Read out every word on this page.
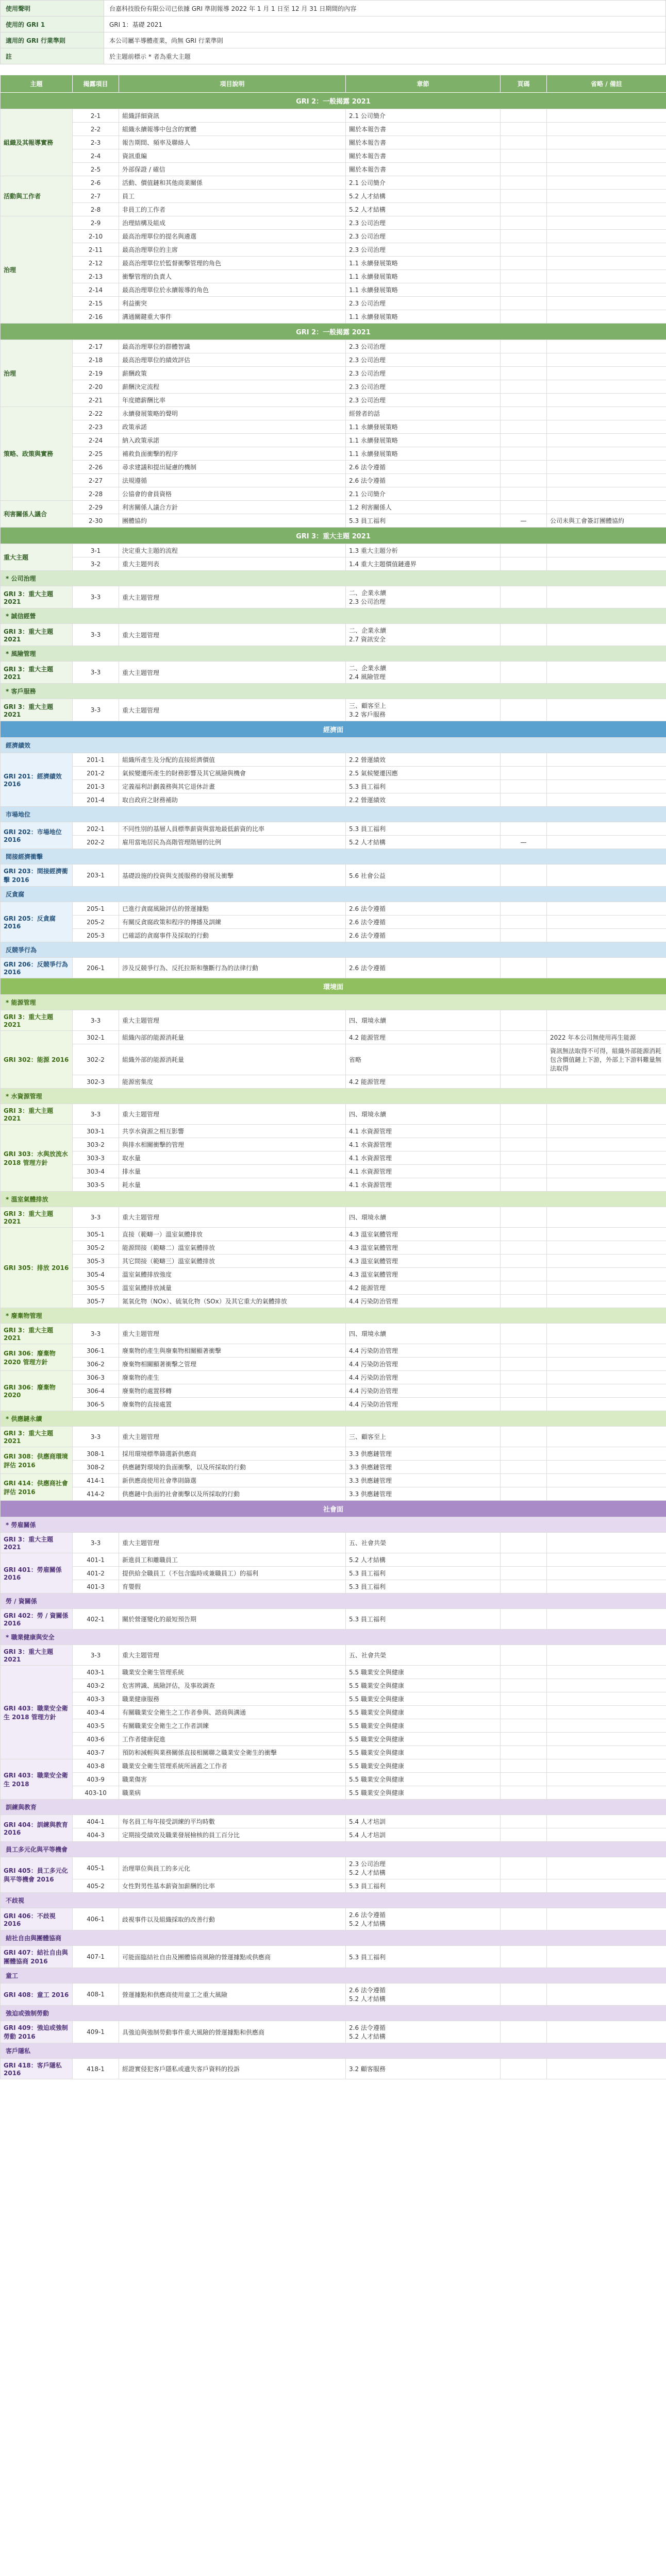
使用聲明	台嘉科技股份有限公司已依據 GRI 準則報導 2022 年 1 月 1 日至 12 月 31 日期間的內容
使用的 GRI 1	GRI 1：基礎 2021
適用的 GRI 行業準則	本公司屬半導體產業，尚無 GRI 行業準則
註	於主題前標示 * 者為重大主題
主題	揭露項目	項目說明	章節	頁碼	省略 / 備註
GRI 2：一般揭露 2021					
組織及其報導實務	2-1	組織詳細資訊	2.1 公司簡介		
	2-2	組織永續報導中包含的實體	關於本報告書		
	2-3	報告期間、頻率及聯絡人	關於本報告書		
	2-4	資訊重編	關於本報告書		
	2-5	外部保證 / 確信	關於本報告書		
活動與工作者	2-6	活動、價值鏈和其他商業關係	2.1 公司簡介		
	2-7	員工	5.2 人才結構		
	2-8	非員工的工作者	5.2 人才結構		
治理	2-9	治理結構及組成	2.3 公司治理		
	2-10	最高治理單位的提名與遴選	2.3 公司治理		
	2-11	最高治理單位的主席	2.3 公司治理		
	2-12	最高治理單位於監督衝擊管理的角色	1.1 永續發展策略		
	2-13	衝擊管理的負責人	1.1 永續發展策略		
	2-14	最高治理單位於永續報導的角色	1.1 永續發展策略		
	2-15	利益衝突	2.3 公司治理		
	2-16	溝通關鍵重大事件	1.1 永續發展策略		
GRI 2：一般揭露 2021					
治理	2-17	最高治理單位的群體智識	2.3 公司治理		
	2-18	最高治理單位的績效評估	2.3 公司治理		
	2-19	薪酬政策	2.3 公司治理		
	2-20	薪酬決定流程	2.3 公司治理		
	2-21	年度總薪酬比率	2.3 公司治理		
策略、政策與實務	2-22	永續發展策略的聲明	經營者的話		
	2-23	政策承諾	1.1 永續發展策略		
	2-24	納入政策承諾	1.1 永續發展策略		
	2-25	補救負面衝擊的程序	1.1 永續發展策略		
	2-26	尋求建議和提出疑慮的機制	2.6 法令遵循		
	2-27	法規遵循	2.6 法令遵循		
	2-28	公協會的會員資格	2.1 公司簡介		
利害關係人議合	2-29	利害關係人議合方針	1.2 利害關係人		
	2-30	團體協約	5.3 員工福利	—	公司未與工會簽訂團體協約
GRI 3：重大主題 2021					
重大主題	3-1	決定重大主題的流程	1.3 重大主題分析		
	3-2	重大主題列表	1.4 重大主題價值鏈邊界		
* 公司治理					
GRI 3：重大主題 2021	3-3	重大主題管理	二、企業永續
2.3 公司治理		
* 誠信經營					
GRI 3：重大主題 2021	3-3	重大主題管理	二、企業永續
2.7 資訊安全		
* 風險管理					
GRI 3：重大主題 2021	3-3	重大主題管理	二、企業永續
2.4 風險管理		
* 客戶服務					
GRI 3：重大主題 2021	3-3	重大主題管理	三、顧客至上
3.2 客戶服務		
經濟面					
經濟績效					
GRI 201：經濟績效 2016	201-1	組織所產生及分配的直接經濟價值	2.2 營運績效		
	201-2	氣候變遷所產生的財務影響及其它風險與機會	2.5 氣候變遷因應		
	201-3	定義福利計劃義務與其它退休計畫	5.3 員工福利		
	201-4	取自政府之財務補助	2.2 營運績效		
市場地位					
GRI 202：市場地位 2016	202-1	不同性別的基層人員標準薪資與當地最低薪資的比率	5.3 員工福利		
	202-2	雇用當地居民為高階管理階層的比例	5.2 人才結構	—	
間接經濟衝擊					
GRI 203：間接經濟衝擊 2016	203-1	基礎設施的投資與支援服務的發展及衝擊	5.6 社會公益		
反貪腐					
GRI 205：反貪腐 2016	205-1	已進行貪腐風險評估的營運據點	2.6 法令遵循		
	205-2	有關反貪腐政策和程序的傳播及訓練	2.6 法令遵循		
	205-3	已確認的貪腐事件及採取的行動	2.6 法令遵循		
反競爭行為					
GRI 206：反競爭行為 2016	206-1	涉及反競爭行為、反托拉斯和壟斷行為的法律行動	2.6 法令遵循		
環境面					
* 能源管理					
GRI 3：重大主題 2021	3-3	重大主題管理	四、環境永續		
GRI 302：能源 2016	302-1	組織內部的能源消耗量	4.2 能源管理		2022 年本公司無使用再生能源
	302-2	組織外部的能源消耗量	省略		資訊無法取得不可得，組織外部能源消耗包含價值鏈上下游，外部上下游料難量無法取得
	302-3	能源密集度	4.2 能源管理		
* 水資源管理					
GRI 3：重大主題 2021	3-3	重大主題管理	四、環境永續		
GRI 303：水與放流水 2018 管理方針	303-1	共享水資源之相互影響	4.1 水資源管理		
	303-2	與排水相關衝擊的管理	4.1 水資源管理		
	303-3	取水量	4.1 水資源管理		
	303-4	排水量	4.1 水資源管理		
	303-5	耗水量	4.1 水資源管理		
* 溫室氣體排放					
GRI 3：重大主題 2021	3-3	重大主題管理	四、環境永續		
GRI 305：排放 2016	305-1	直接（範疇一）溫室氣體排放	4.3 溫室氣體管理		
	305-2	能源間接（範疇二）溫室氣體排放	4.3 溫室氣體管理		
	305-3	其它間接（範疇三）溫室氣體排放	4.3 溫室氣體管理		
	305-4	溫室氣體排放強度	4.3 溫室氣體管理		
	305-5	溫室氣體排放減量	4.2 能源管理		
	305-7	氮氧化物（NOx）、硫氧化物（SOx）及其它重大的氣體排放	4.4 污染防治管理		
* 廢棄物管理					
GRI 3：重大主題 2021	3-3	重大主題管理	四、環境永續		
GRI 306：廢棄物 2020 管理方針	306-1	廢棄物的產生與廢棄物相關顯著衝擊	4.4 污染防治管理		
	306-2	廢棄物相關顯著衝擊之管理	4.4 污染防治管理		
GRI 306：廢棄物 2020	306-3	廢棄物的產生	4.4 污染防治管理		
	306-4	廢棄物的處置移轉	4.4 污染防治管理		
	306-5	廢棄物的直接處置	4.4 污染防治管理		
* 供應鏈永續					
GRI 3：重大主題 2021	3-3	重大主題管理	三、顧客至上		
GRI 308：供應商環境評估 2016	308-1	採用環境標準篩選新供應商	3.3 供應鏈管理		
	308-2	供應鏈對環境的負面衝擊，以及所採取的行動	3.3 供應鏈管理		
GRI 414：供應商社會評估 2016	414-1	新供應商使用社會準則篩選	3.3 供應鏈管理		
	414-2	供應鏈中負面的社會衝擊以及所採取的行動	3.3 供應鏈管理		
社會面					
* 勞雇關係					
GRI 3：重大主題 2021	3-3	重大主題管理	五、社會共榮		
GRI 401：勞雇關係 2016	401-1	新進員工和離職員工	5.2 人才結構		
	401-2	提供給全職員工（不包含臨時或兼職員工）的福利	5.3 員工福利		
	401-3	育嬰假	5.3 員工福利		
勞 / 資關係					
GRI 402：勞 / 資關係 2016	402-1	關於營運變化的最短預告期	5.3 員工福利		
* 職業健康與安全					
GRI 3：重大主題 2021	3-3	重大主題管理	五、社會共榮		
GRI 403：職業安全衛生 2018 管理方針	403-1	職業安全衛生管理系統	5.5 職業安全與健康		
	403-2	危害辨識、風險評估，及事故調查	5.5 職業安全與健康		
	403-3	職業健康服務	5.5 職業安全與健康		
	403-4	有關職業安全衛生之工作者參與、諮商與溝通	5.5 職業安全與健康		
	403-5	有關職業安全衛生之工作者訓練	5.5 職業安全與健康		
	403-6	工作者健康促進	5.5 職業安全與健康		
	403-7	預防和減輕與業務關係直接相關聯之職業安全衛生的衝擊	5.5 職業安全與健康		
GRI 403：職業安全衛生 2018	403-8	職業安全衛生管理系統所涵蓋之工作者	5.5 職業安全與健康		
	403-9	職業傷害	5.5 職業安全與健康		
	403-10	職業病	5.5 職業安全與健康		
訓練與教育					
GRI 404：訓練與教育 2016	404-1	每名員工每年接受訓練的平均時數	5.4 人才培訓		
	404-3	定期接受績效及職業發展檢核的員工百分比	5.4 人才培訓		
員工多元化與平等機會					
GRI 405：員工多元化與平等機會 2016	405-1	治理單位與員工的多元化	2.3 公司治理
5.2 人才結構		
	405-2	女性對男性基本薪資加薪酬的比率	5.3 員工福利		
不歧視					
GRI 406：不歧視 2016	406-1	歧視事件以及組織採取的改善行動	2.6 法令遵循
5.2 人才結構		
結社自由與團體協商					
GRI 407：結社自由與團體協商 2016	407-1	可能面臨結社自由及團體協商風險的營運據點或供應商	5.3 員工福利		
童工					
GRI 408：童工 2016	408-1	營運據點和供應商使用童工之重大風險	2.6 法令遵循
5.2 人才結構		
強迫或強制勞動					
GRI 409：強迫或強制勞動 2016	409-1	具強迫與強制勞動事件重大風險的營運據點和供應商	2.6 法令遵循
5.2 人才結構		
客戶隱私					
GRI 418：客戶隱私 2016	418-1	經證實侵犯客戶隱私或遺失客戶資料的投訴	3.2 顧客服務		
